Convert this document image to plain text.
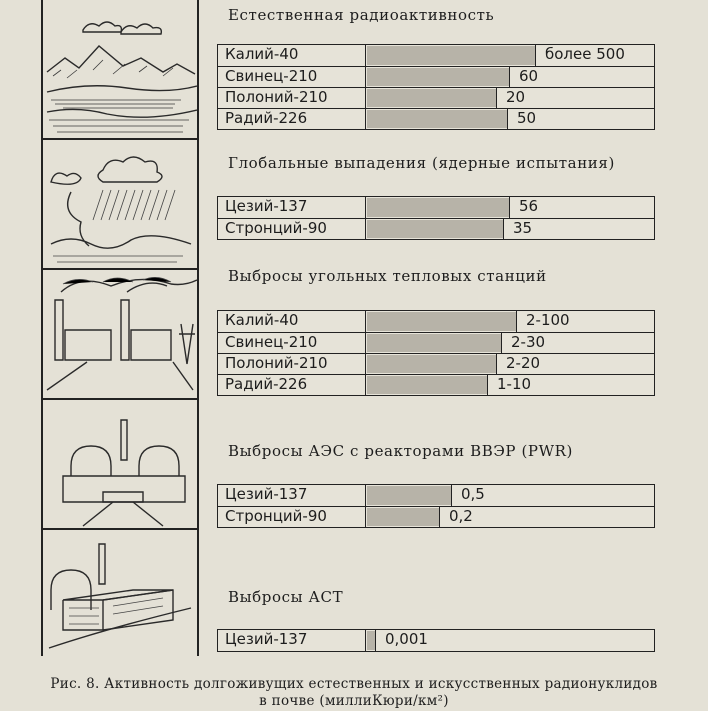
Естественная радиоактивность
Глобальные выпадения (ядерные испытания)
Выбросы угольных тепловых станций
Выбросы АЭС с реакторами ВВЭР (PWR)
Выбросы АСТ
Калий-40	более 500
Свинец-210	60
Полоний-210	20
Радий-226	50
Цезий-137	56
Стронций-90	35
Калий-40	2-100
Свинец-210	2-30
Полоний-210	2-20
Радий-226	1-10
Цезий-137	0,5
Стронций-90	0,2
Цезий-137	0,001
Рис. 8. Активность долгоживущих естественных и искусственных радионуклидов
в почве (миллиКюри/км²)
